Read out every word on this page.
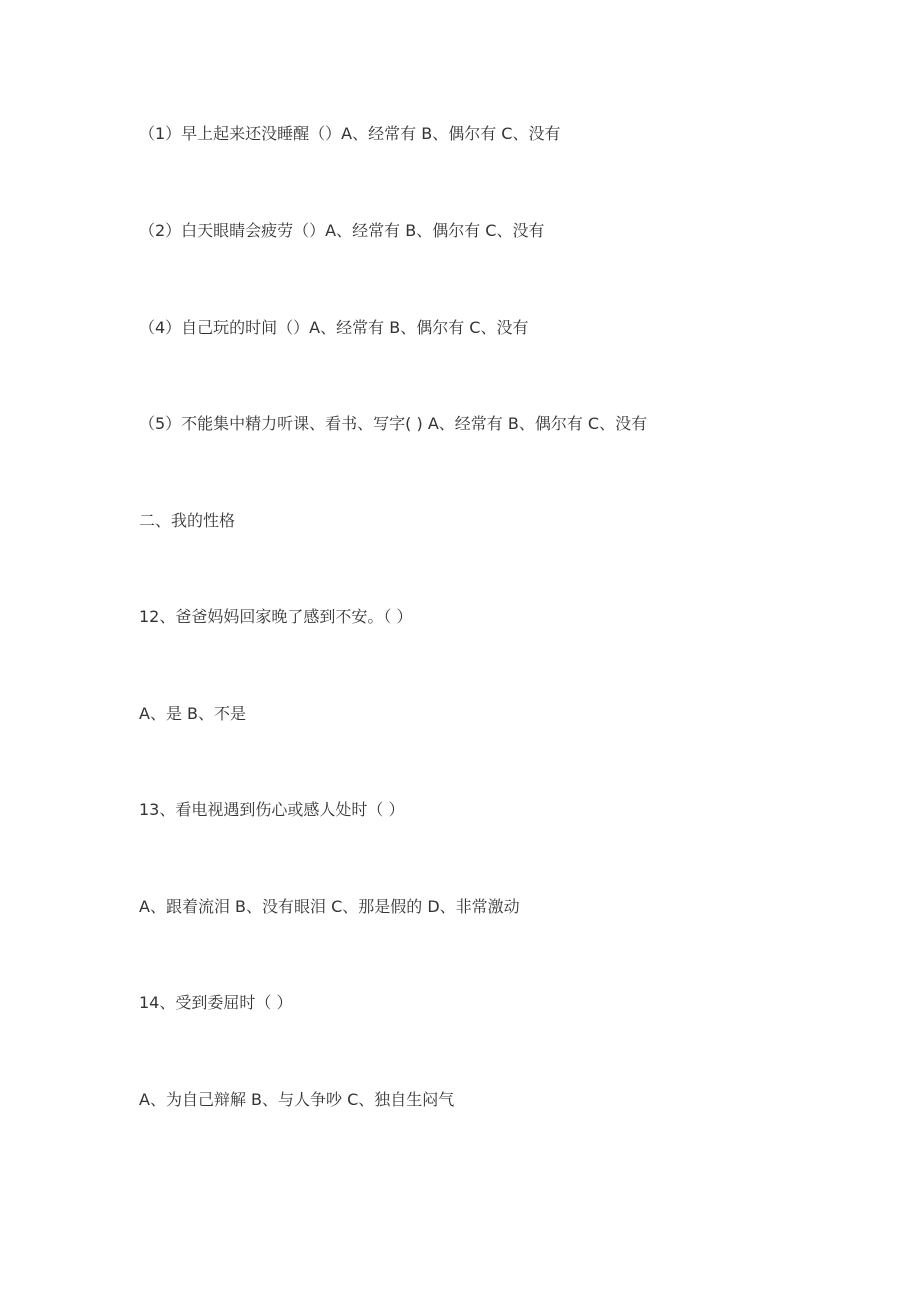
（1）早上起来还没睡醒（）A、经常有 B、偶尔有 C、没有
（2）白天眼睛会疲劳（）A、经常有 B、偶尔有 C、没有
（4）自己玩的时间（）A、经常有 B、偶尔有 C、没有
（5）不能集中精力听课、看书、写字( ) A、经常有 B、偶尔有 C、没有
二、我的性格
12、爸爸妈妈回家晚了感到不安。（ ）
A、是 B、不是
13、看电视遇到伤心或感人处时（ ）
A、跟着流泪 B、没有眼泪 C、那是假的 D、非常激动
14、受到委屈时（ ）
A、为自己辩解 B、与人争吵 C、独自生闷气
